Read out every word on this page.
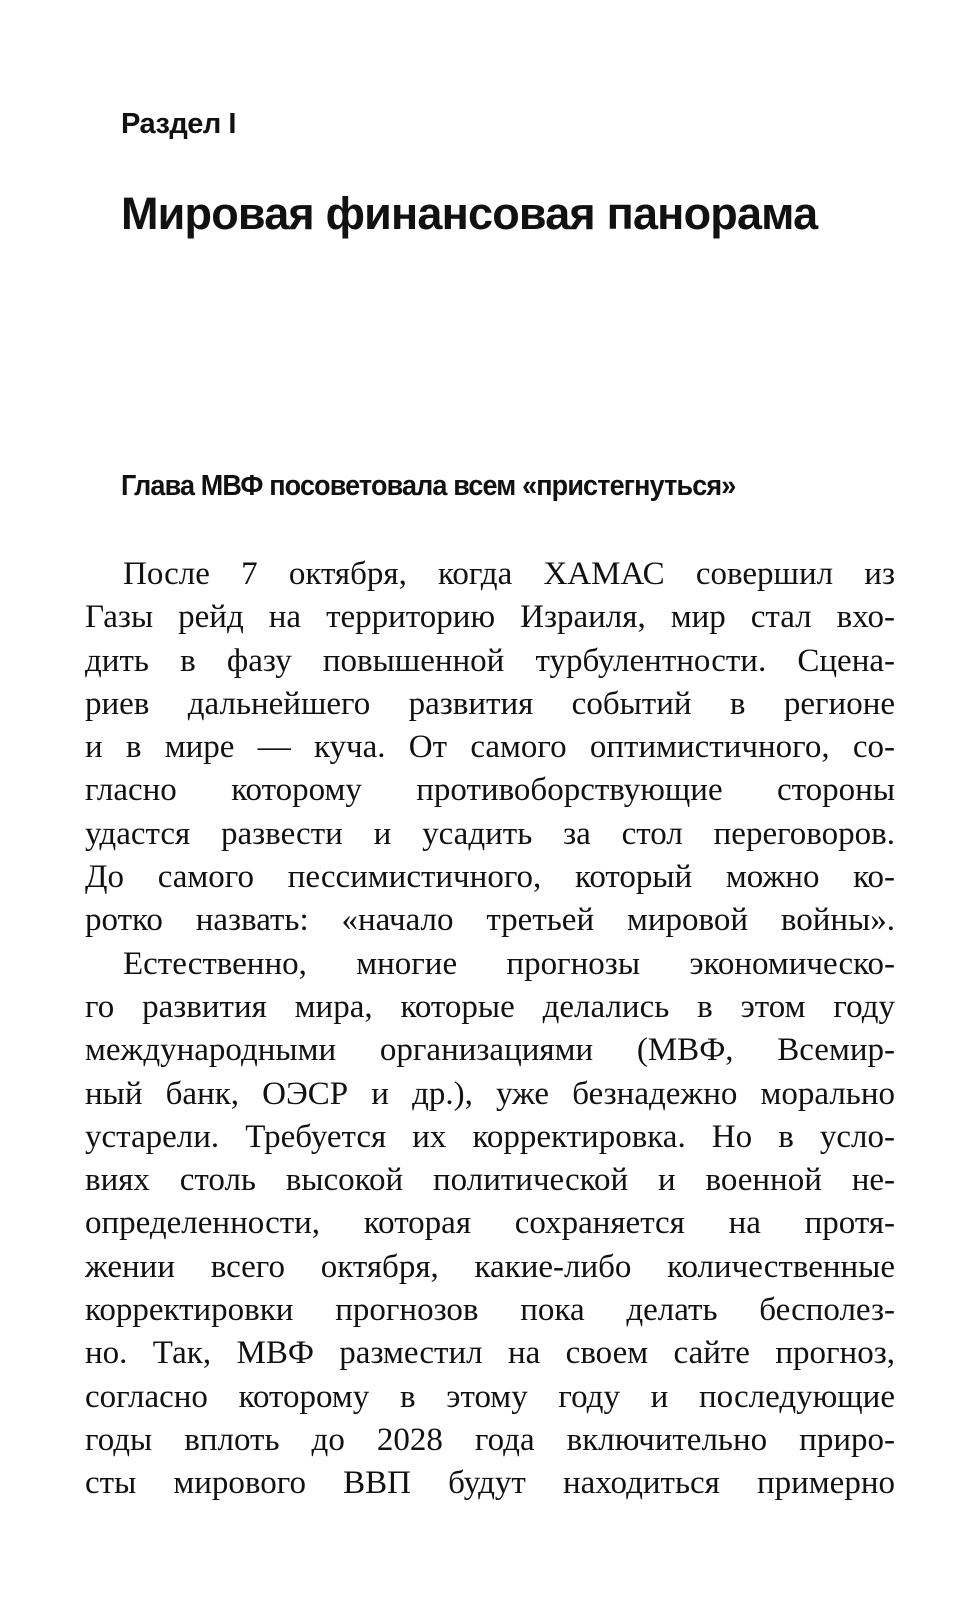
Раздел I
Мировая финансовая панорама
Глава МВФ посоветовала всем «пристегнуться»
После 7 октября, когда ХАМАС совершил из
Газы рейд на территорию Израиля, мир стал вхо-
дить в фазу повышенной турбулентности. Сцена-
риев дальнейшего развития событий в регионе
и в мире — куча. От самого оптимистичного, со-
гласно которому противоборствующие стороны
удастся развести и усадить за стол переговоров.
До самого пессимистичного, который можно ко-
ротко назвать: «начало третьей мировой войны».
Естественно, многие прогнозы экономическо-
го развития мира, которые делались в этом году
международными организациями (МВФ, Всемир-
ный банк, ОЭСР и др.), уже безнадежно морально
устарели. Требуется их корректировка. Но в усло-
виях столь высокой политической и военной не-
определенности, которая сохраняется на протя-
жении всего октября, какие-либо количественные
корректировки прогнозов пока делать бесполез-
но. Так, МВФ разместил на своем сайте прогноз,
согласно которому в этому году и последующие
годы вплоть до 2028 года включительно приро-
сты мирового ВВП будут находиться примерно
